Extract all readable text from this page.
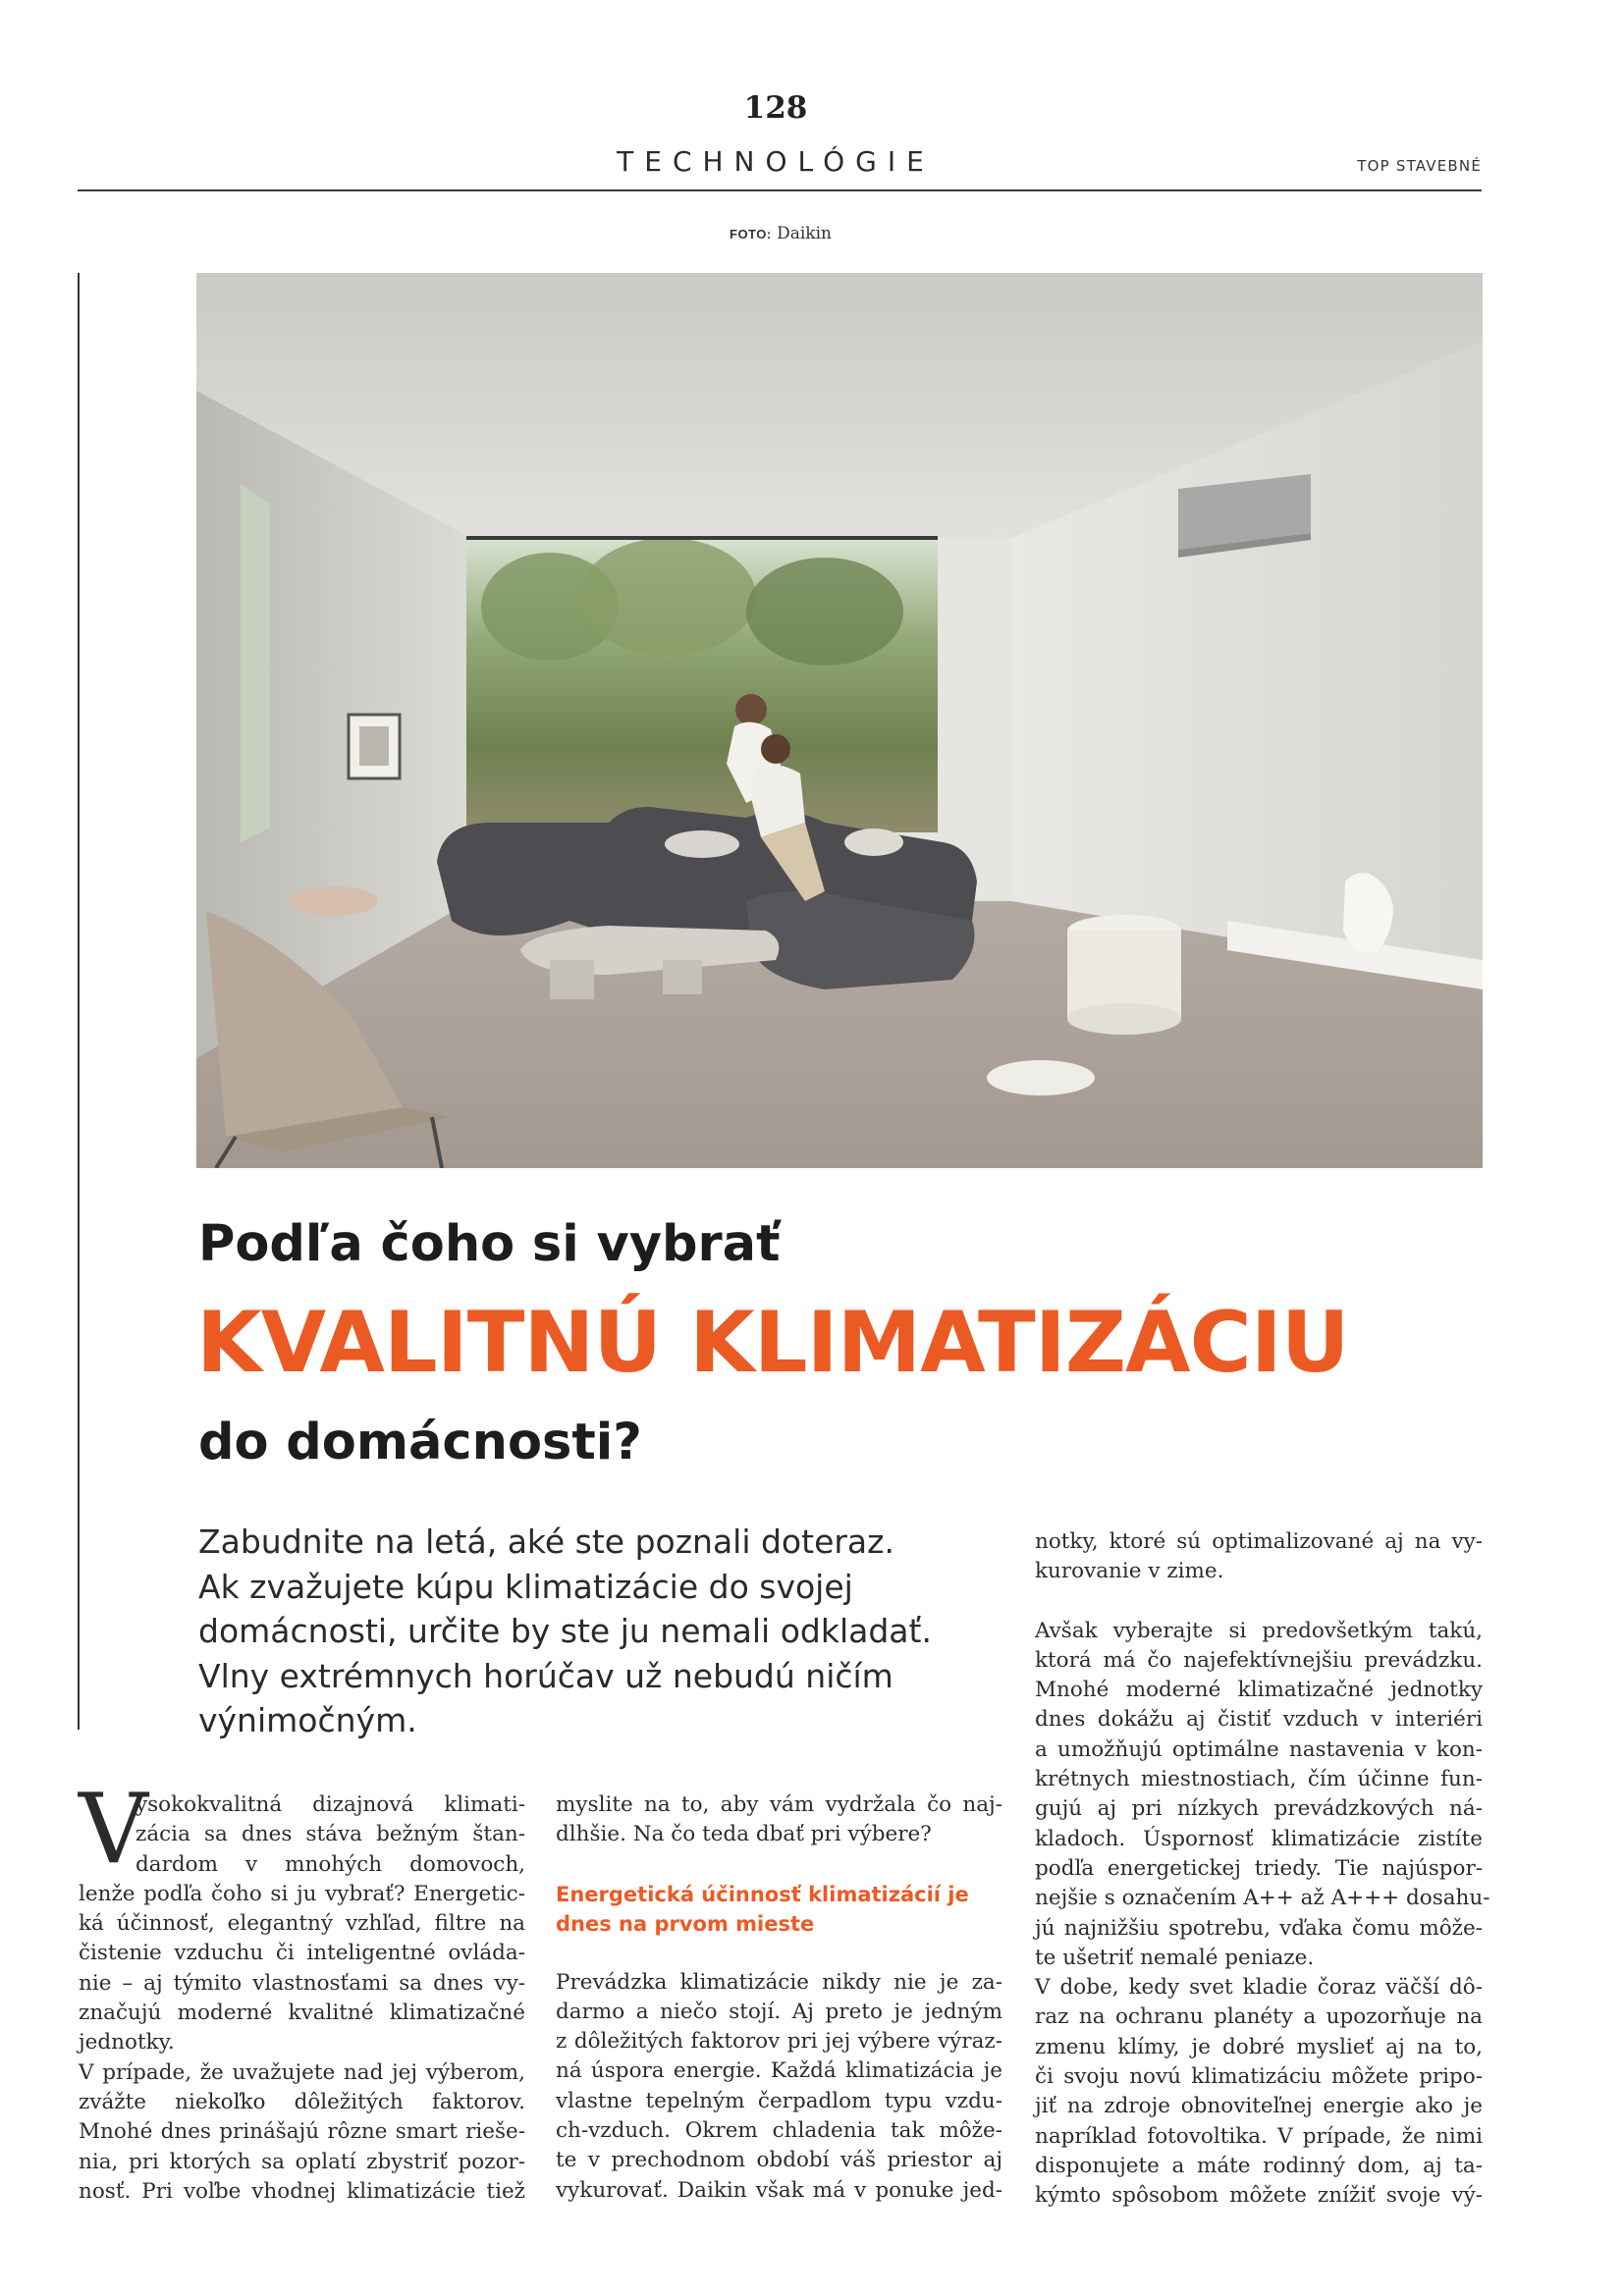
128
TECHNOLÓGIE	TOP STAVEBNÉ
FOTO: Daikin
Podľa čoho si vybrať
KVALITNÚ KLIMATIZÁCIU
do domácnosti?
Zabudnite na letá, aké ste poznali doteraz.
Ak zvažujete kúpu klimatizácie do svojej
domácnosti, určite by ste ju nemali odkladať.
Vlny extrémnych horúčav už nebudú ničím
výnimočným.
V
ysokokvalitná dizajnová klimati-
zácia sa dnes stáva bežným štan-
dardom v mnohých domovoch,
lenže podľa čoho si ju vybrať? Energetic-
ká účinnosť, elegantný vzhľad, filtre na
čistenie vzduchu či inteligentné ovláda-
nie – aj týmito vlastnosťami sa dnes vy-
značujú moderné kvalitné klimatizačné
jednotky.
V prípade, že uvažujete nad jej výberom,
zvážte niekoľko dôležitých faktorov.
Mnohé dnes prinášajú rôzne smart rieše-
nia, pri ktorých sa oplatí zbystriť pozor-
nosť. Pri voľbe vhodnej klimatizácie tiež
myslite na to, aby vám vydržala čo naj-
dlhšie. Na čo teda dbať pri výbere?
Energetická účinnosť klimatizácií je
dnes na prvom mieste
Prevádzka klimatizácie nikdy nie je za-
darmo a niečo stojí. Aj preto je jedným
z dôležitých faktorov pri jej výbere výraz-
ná úspora energie. Každá klimatizácia je
vlastne tepelným čerpadlom typu vzdu-
ch-vzduch. Okrem chladenia tak môže-
te v prechodnom období váš priestor aj
vykurovať. Daikin však má v ponuke jed-
notky, ktoré sú optimalizované aj na vy-
kurovanie v zime.
Avšak vyberajte si predovšetkým takú,
ktorá má čo najefektívnejšiu prevádzku.
Mnohé moderné klimatizačné jednotky
dnes dokážu aj čistiť vzduch v interiéri
a umožňujú optimálne nastavenia v kon-
krétnych miestnostiach, čím účinne fun-
gujú aj pri nízkych prevádzkových ná-
kladoch. Úspornosť klimatizácie zistíte
podľa energetickej triedy. Tie najúspor-
nejšie s označením A++ až A+++ dosahu-
jú najnižšiu spotrebu, vďaka čomu môže-
te ušetriť nemalé peniaze.
V dobe, kedy svet kladie čoraz väčší dô-
raz na ochranu planéty a upozorňuje na
zmenu klímy, je dobré myslieť aj na to,
či svoju novú klimatizáciu môžete pripo-
jiť na zdroje obnoviteľnej energie ako je
napríklad fotovoltika. V prípade, že nimi
disponujete a máte rodinný dom, aj ta-
kýmto spôsobom môžete znížiť svoje vý-
